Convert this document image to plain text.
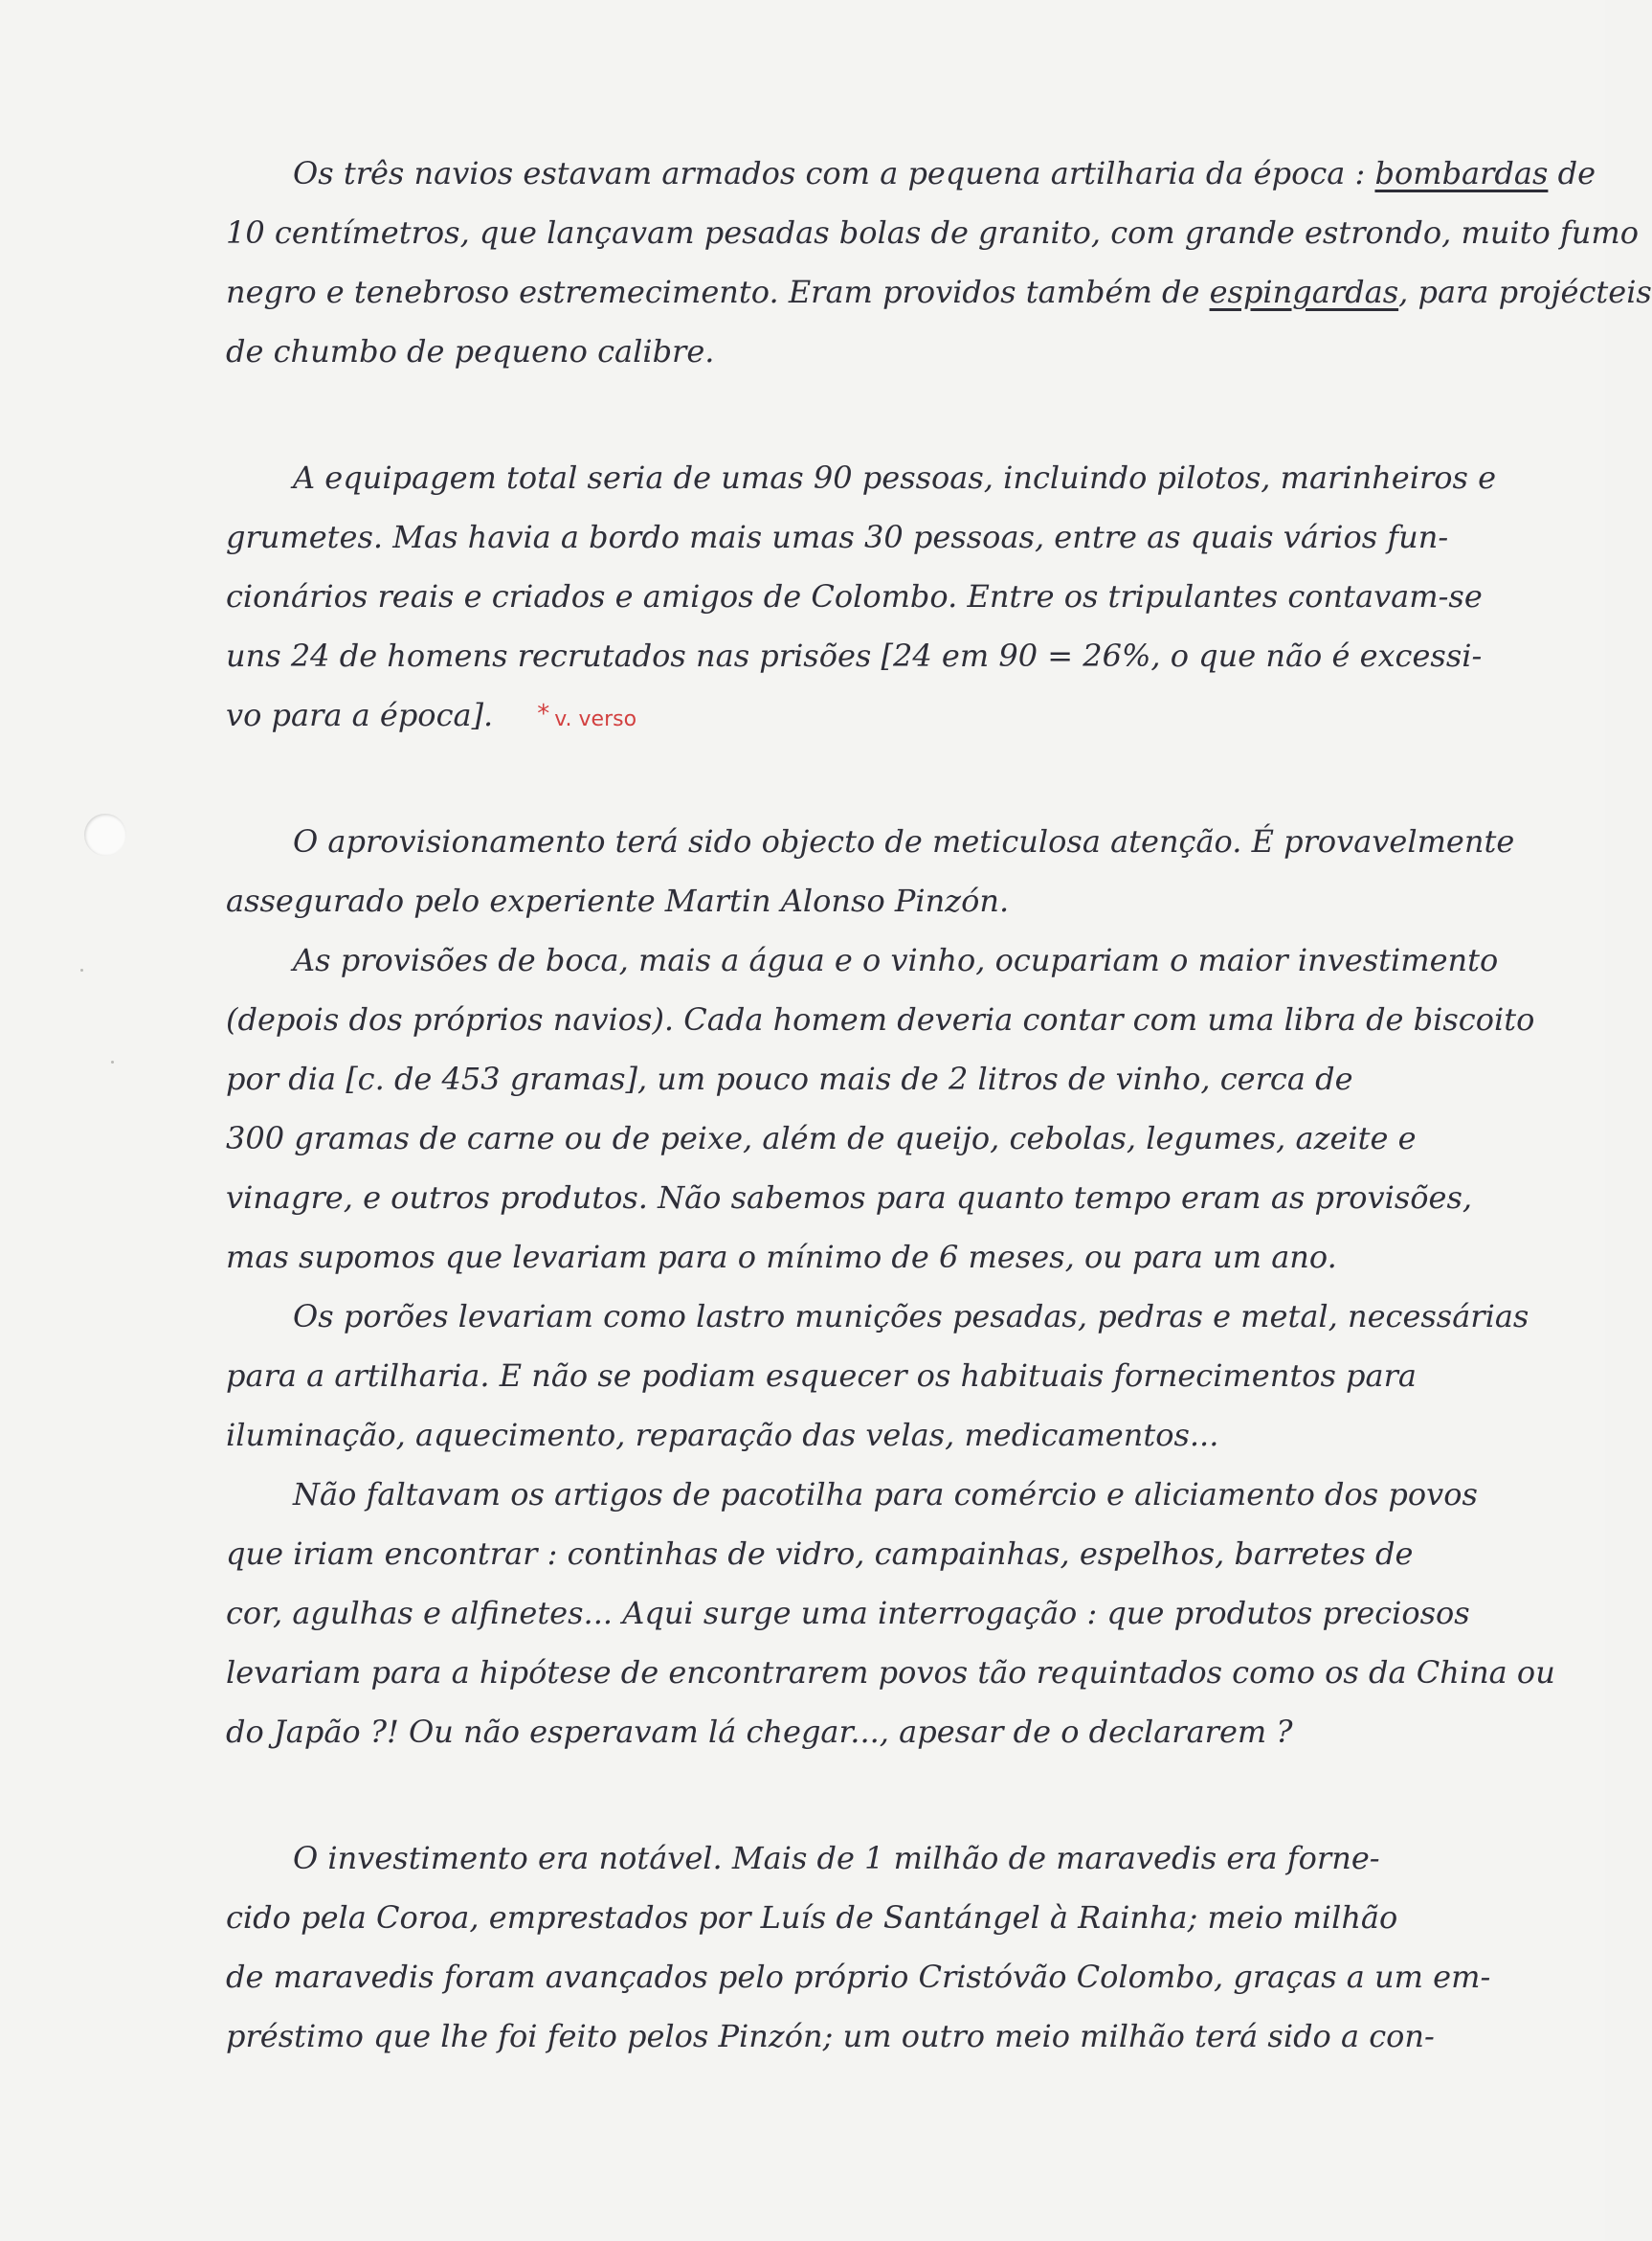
Os três navios estavam armados com a pequena artilharia da época : bombardas de
10 centímetros, que lançavam pesadas bolas de granito, com grande estrondo, muito fumo
negro e tenebroso estremecimento. Eram providos também de espingardas, para projécteis
de chumbo de pequeno calibre.
A equipagem total seria de umas 90 pessoas, incluindo pilotos, marinheiros e
grumetes. Mas havia a bordo mais umas 30 pessoas, entre as quais vários fun-
cionários reais e criados e amigos de Colombo. Entre os tripulantes contavam-se
uns 24 de homens recrutados nas prisões [24 em 90 = 26%, o que não é excessi-
vo para a época]. * v. verso
O aprovisionamento terá sido objecto de meticulosa atenção. É provavelmente
assegurado pelo experiente Martin Alonso Pinzón.
As provisões de boca, mais a água e o vinho, ocupariam o maior investimento
(depois dos próprios navios). Cada homem deveria contar com uma libra de biscoito
por dia [c. de 453 gramas], um pouco mais de 2 litros de vinho, cerca de
300 gramas de carne ou de peixe, além de queijo, cebolas, legumes, azeite e
vinagre, e outros produtos. Não sabemos para quanto tempo eram as provisões,
mas supomos que levariam para o mínimo de 6 meses, ou para um ano.
Os porões levariam como lastro munições pesadas, pedras e metal, necessárias
para a artilharia. E não se podiam esquecer os habituais fornecimentos para
iluminação, aquecimento, reparação das velas, medicamentos...
Não faltavam os artigos de pacotilha para comércio e aliciamento dos povos
que iriam encontrar : continhas de vidro, campainhas, espelhos, barretes de
cor, agulhas e alfinetes... Aqui surge uma interrogação : que produtos preciosos
levariam para a hipótese de encontrarem povos tão requintados como os da China ou
do Japão ?! Ou não esperavam lá chegar..., apesar de o declararem ?
O investimento era notável. Mais de 1 milhão de maravedis era forne-
cido pela Coroa, emprestados por Luís de Santángel à Rainha; meio milhão
de maravedis foram avançados pelo próprio Cristóvão Colombo, graças a um em-
préstimo que lhe foi feito pelos Pinzón; um outro meio milhão terá sido a con-
